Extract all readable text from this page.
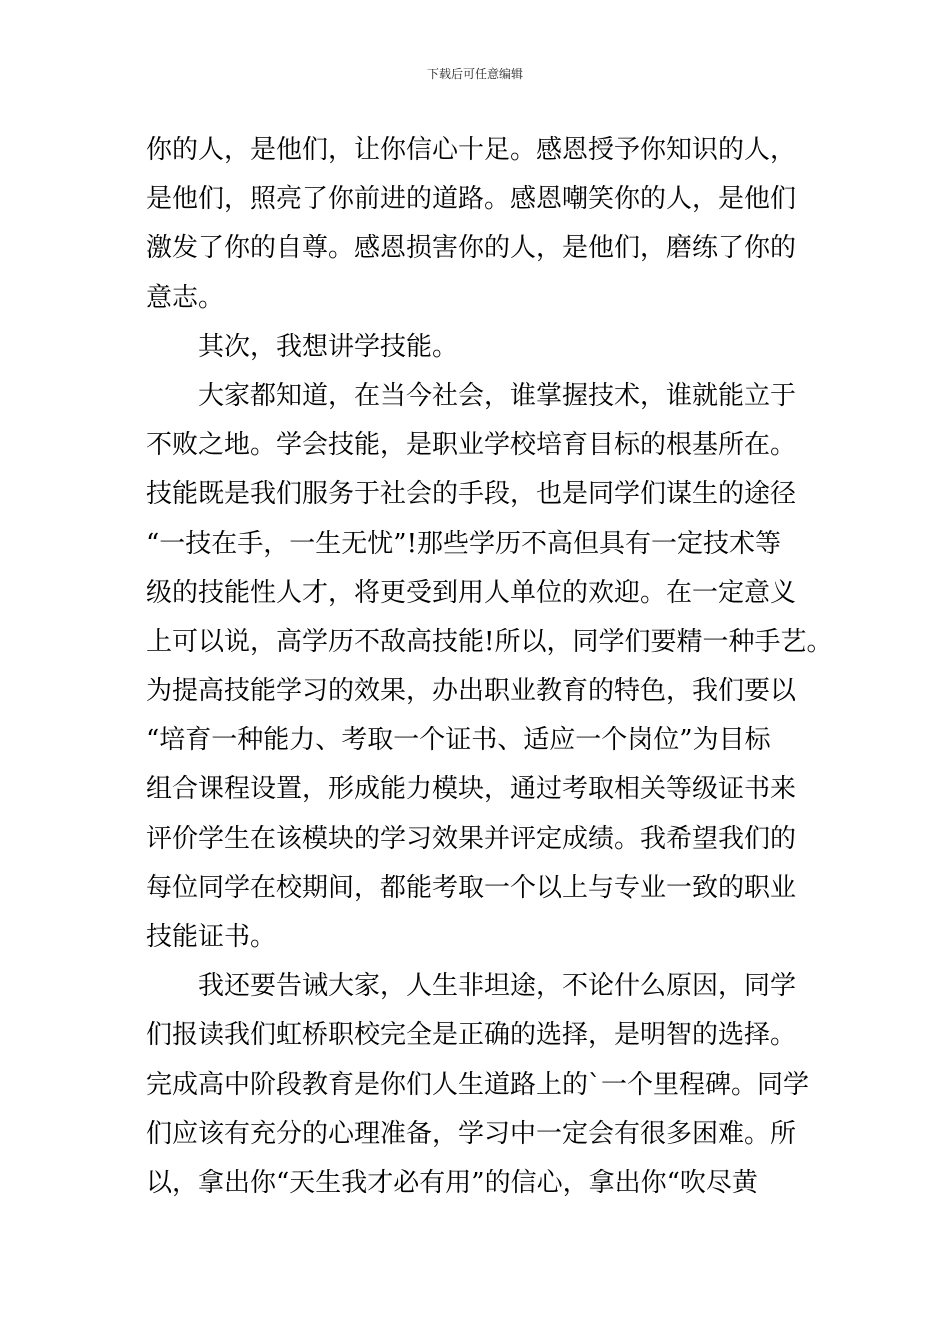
下载后可任意编辑
你的人，是他们，让你信心十足。感恩授予你知识的人，
是他们，照亮了你前进的道路。感恩嘲笑你的人，是他们
激发了你的自尊。感恩损害你的人，是他们，磨练了你的
意志。
其次，我想讲学技能。
大家都知道，在当今社会，谁掌握技术，谁就能立于
不败之地。学会技能，是职业学校培育目标的根基所在。
技能既是我们服务于社会的手段，也是同学们谋生的途径
“一技在手，一生无忧”!那些学历不高但具有一定技术等
级的技能性人才，将更受到用人单位的欢迎。在一定意义
上可以说，高学历不敌高技能!所以，同学们要精一种手艺。
为提高技能学习的效果，办出职业教育的特色，我们要以
“培育一种能力、考取一个证书、适应一个岗位”为目标
组合课程设置，形成能力模块，通过考取相关等级证书来
评价学生在该模块的学习效果并评定成绩。我希望我们的
每位同学在校期间，都能考取一个以上与专业一致的职业
技能证书。
我还要告诫大家，人生非坦途，不论什么原因，同学
们报读我们虹桥职校完全是正确的选择，是明智的选择。
完成高中阶段教育是你们人生道路上的`一个里程碑。同学
们应该有充分的心理准备，学习中一定会有很多困难。所
以，拿出你“天生我才必有用”的信心，拿出你“吹尽黄
